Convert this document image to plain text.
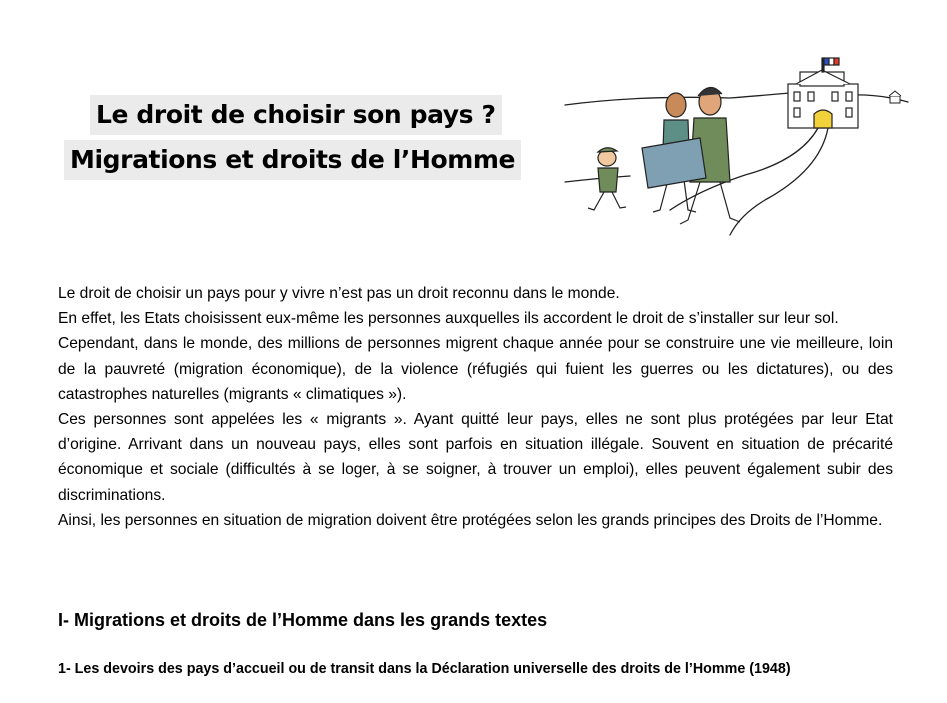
Le droit de choisir son pays ?
Migrations et droits de l’Homme

Le droit de choisir un pays pour y vivre n’est pas un droit reconnu dans le monde.

En effet, les Etats choisissent eux-même les personnes auxquelles ils accordent le droit de s’installer sur leur sol.

Cependant, dans le monde, des millions de personnes migrent chaque année pour se construire une vie meilleure, loin de la pauvreté (migration économique), de la violence (réfugiés qui fuient les guerres ou les dictatures), ou des catastrophes naturelles (migrants « climatiques »).

Ces personnes sont appelées les « migrants ». Ayant quitté leur pays, elles ne sont plus protégées par leur Etat d’origine. Arrivant dans un nouveau pays, elles sont parfois en situation illégale. Souvent en situation de précarité économique et sociale (difficultés à se loger, à se soigner, à trouver un emploi), elles peuvent également subir des discriminations.

Ainsi, les personnes en situation de migration doivent être protégées selon les grands principes des Droits de l’Homme.

I- Migrations et droits de l’Homme dans les grands textes
1- Les devoirs des pays d’accueil ou de transit dans la Déclaration universelle des droits de l’Homme (1948)
